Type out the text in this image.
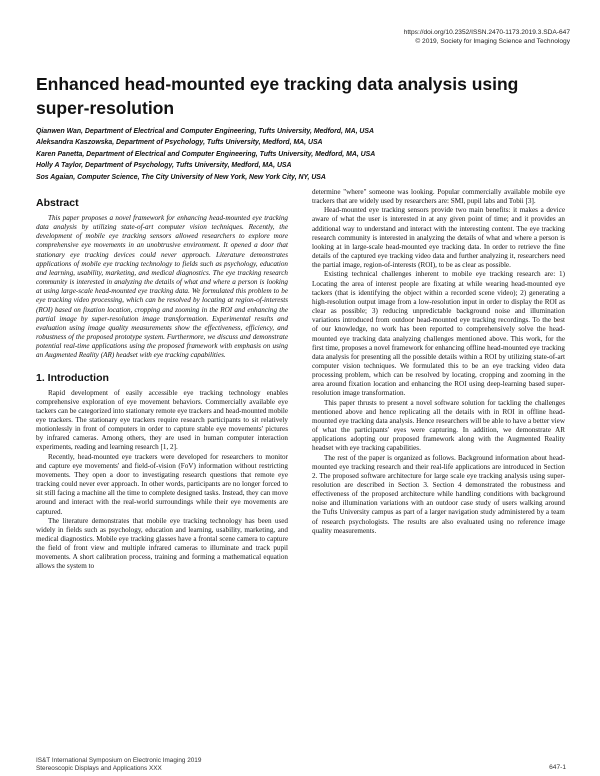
https://doi.org/10.2352/ISSN.2470-1173.2019.3.SDA-647
© 2019, Society for Imaging Science and Technology
Enhanced head-mounted eye tracking data analysis using super-resolution
Qianwen Wan, Department of Electrical and Computer Engineering, Tufts University, Medford, MA, USA
Aleksandra Kaszowska, Department of Psychology, Tufts University, Medford, MA, USA
Karen Panetta, Department of Electrical and Computer Engineering, Tufts University, Medford, MA, USA
Holly A Taylor, Department of Psychology, Tufts University, Medford, MA, USA
Sos Agaian, Computer Science, The City University of New York, New York City, NY, USA
Abstract

This paper proposes a novel framework for enhancing head-mounted eye tracking data analysis by utilizing state-of-art computer vision techniques. Recently, the development of mobile eye tracking sensors allowed researchers to explore more comprehensive eye movements in an unobtrusive environment. It opened a door that stationary eye tracking devices could never approach. Literature demonstrates applications of mobile eye tracking technology to fields such as psychology, education and learning, usability, marketing, and medical diagnostics. The eye tracking research community is interested in analyzing the details of what and where a person is looking at using large-scale head-mounted eye tracking data. We formulated this problem to be eye tracking video processing, which can be resolved by locating at region-of-interests (ROI) based on fixation location, cropping and zooming in the ROI and enhancing the partial image by super-resolution image transformation. Experimental results and evaluation using image quality measurements show the effectiveness, efficiency, and robustness of the proposed prototype system. Furthermore, we discuss and demonstrate potential real-time applications using the proposed framework with emphasis on using an Augmented Reality (AR) headset with eye tracking capabilities.

1. Introduction

Rapid development of easily accessible eye tracking technology enables comprehensive exploration of eye movement behaviors. Commercially available eye tackers can be categorized into stationary remote eye trackers and head-mounted mobile eye trackers. The stationary eye trackers require research participants to sit relatively motionlessly in front of computers in order to capture stable eye movements' pictures by infrared cameras. Among others, they are used in human computer interaction experiments, reading and learning research [1, 2].

Recently, head-mounted eye trackers were developed for researchers to monitor and capture eye movements' and field-of-vision (FoV) information without restricting movements. They open a door to investigating research questions that remote eye tracking could never ever approach. In other words, participants are no longer forced to sit still facing a machine all the time to complete designed tasks. Instead, they can move around and interact with the real-world surroundings while their eye movements are captured.

The literature demonstrates that mobile eye tracking technology has been used widely in fields such as psychology, education and learning, usability, marketing, and medical diagnostics. Mobile eye tracking glasses have a frontal scene camera to capture the field of front view and multiple infrared cameras to illuminate and track pupil movements. A short calibration process, training and forming a mathematical equation allows the system to

determine "where" someone was looking. Popular commercially available mobile eye trackers that are widely used by researchers are: SMI, pupil labs and Tobii [3].

Head-mounted eye tracking sensors provide two main benefits: it makes a device aware of what the user is interested in at any given point of time; and it provides an additional way to understand and interact with the interesting content. The eye tracking research community is interested in analyzing the details of what and where a person is looking at in large-scale head-mounted eye tracking data. In order to retrieve the fine details of the captured eye tracking video data and further analyzing it, researchers need the partial image, region-of-interests (ROI), to be as clear as possible.

Existing technical challenges inherent to mobile eye tracking research are: 1) Locating the area of interest people are fixating at while wearing head-mounted eye tackers (that is identifying the object within a recorded scene video); 2) generating a high-resolution output image from a low-resolution input in order to display the ROI as clear as possible; 3) reducing unpredictable background noise and illumination variations introduced from outdoor head-mounted eye tracking recordings. To the best of our knowledge, no work has been reported to comprehensively solve the head-mounted eye tracking data analyzing challenges mentioned above. This work, for the first time, proposes a novel framework for enhancing offline head-mounted eye tracking data analysis for presenting all the possible details within a ROI by utilizing state-of-art computer vision techniques. We formulated this to be an eye tracking video data processing problem, which can be resolved by locating, cropping and zooming in the area around fixation location and enhancing the ROI using deep-learning based super-resolution image transformation.

This paper thrusts to present a novel software solution for tackling the challenges mentioned above and hence replicating all the details with in ROI in offline head-mounted eye tracking data analysis. Hence researchers will be able to have a better view of what the participants' eyes were capturing. In addition, we demonstrate AR applications adopting our proposed framework along with the Augmented Reality headset with eye tracking capabilities.

The rest of the paper is organized as follows. Background information about head-mounted eye tracking research and their real-life applications are introduced in Section 2. The proposed software architecture for large scale eye tracking analysis using super-resolution are described in Section 3. Section 4 demonstrated the robustness and effectiveness of the proposed architecture while handling conditions with background noise and illumination variations with an outdoor case study of users walking around the Tufts University campus as part of a larger navigation study administered by a team of research psychologists. The results are also evaluated using no reference image quality measurements.

IS&T International Symposium on Electronic Imaging 2019
Stereoscopic Displays and Applications XXX	647-1
